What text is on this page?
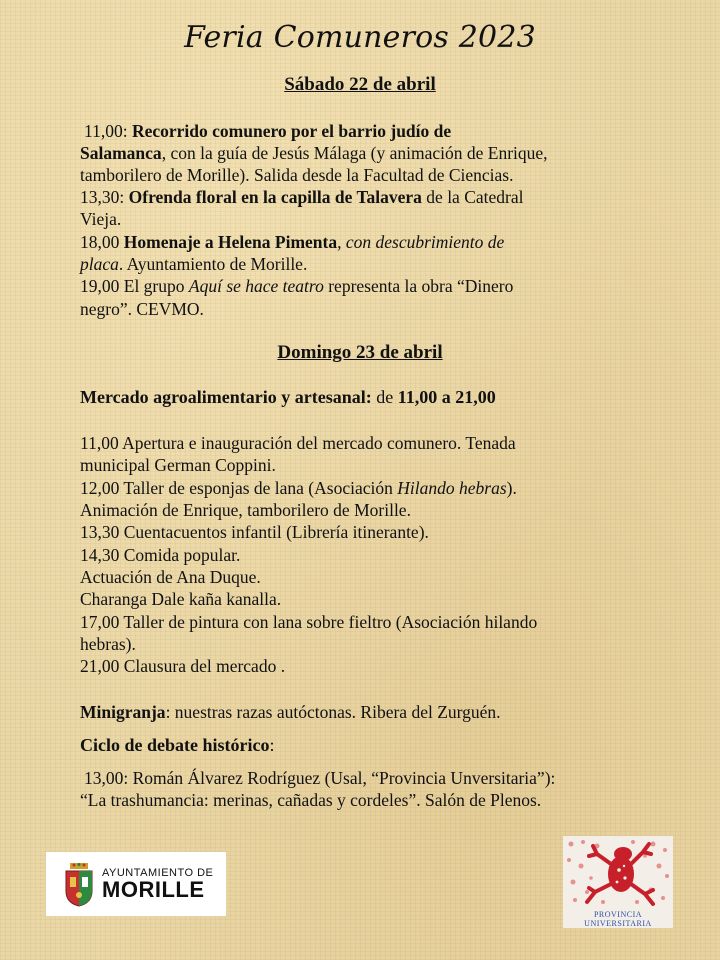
Feria Comuneros 2023
Sábado 22 de abril
11,00: Recorrido comunero por el barrio judío de
Salamanca, con la guía de Jesús Málaga (y animación de Enrique,
tamborilero de Morille). Salida desde la Facultad de Ciencias.
13,30: Ofrenda floral en la capilla de Talavera de la Catedral
Vieja.
18,00 Homenaje a Helena Pimenta, con descubrimiento de
placa. Ayuntamiento de Morille.
19,00 El grupo Aquí se hace teatro representa la obra “Dinero
negro”. CEVMO.
Domingo 23 de abril
Mercado agroalimentario y artesanal: de 11,00 a 21,00
11,00 Apertura e inauguración del mercado comunero. Tenada
municipal German Coppini.
12,00 Taller de esponjas de lana (Asociación Hilando hebras).
Animación de Enrique, tamborilero de Morille.
13,30 Cuentacuentos infantil (Librería itinerante).
14,30 Comida popular.
Actuación de Ana Duque.
Charanga Dale kaña kanalla.
17,00 Taller de pintura con lana sobre fieltro (Asociación hilando
hebras).
21,00 Clausura del mercado .
Minigranja: nuestras razas autóctonas. Ribera del Zurguén.
Ciclo de debate histórico:
13,00: Román Álvarez Rodríguez (Usal, “Provincia Unversitaria”):
“La trashumancia: merinas, cañadas y cordeles”. Salón de Plenos.
AYUNTAMIENTO DE
MORILLE
PROVINCIA
UNIVERSITARIA
